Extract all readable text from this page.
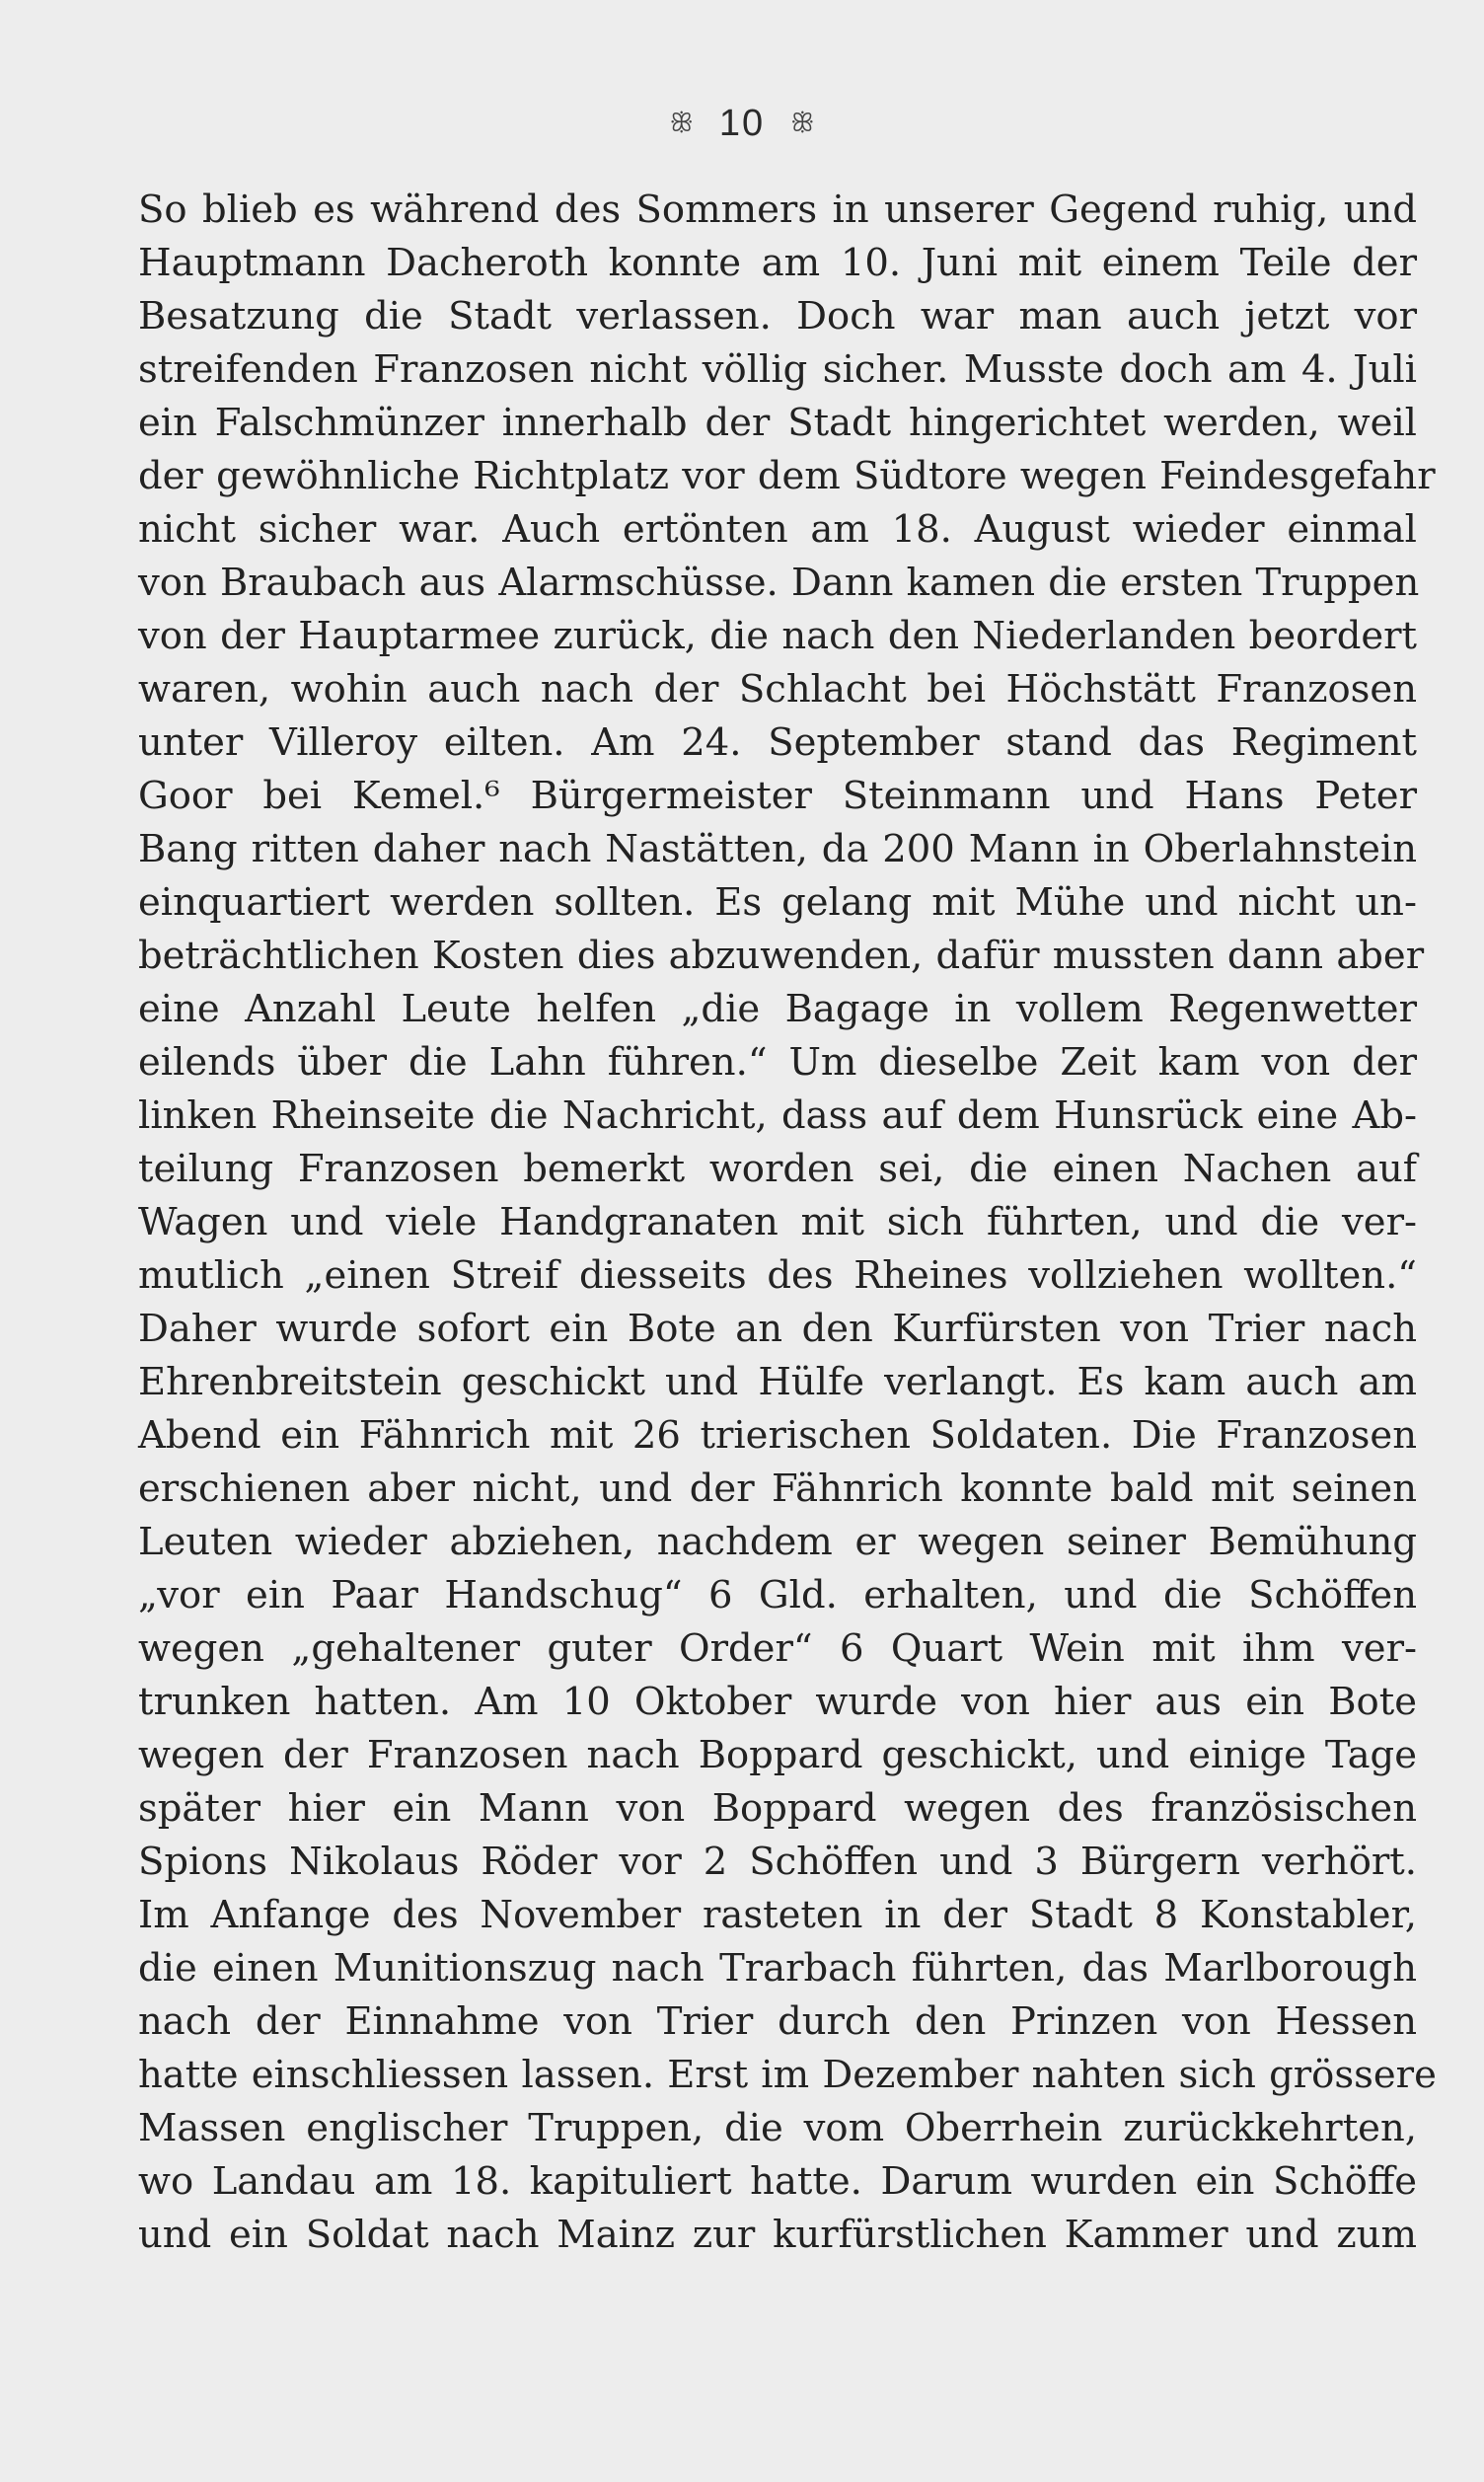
ꕥ 10 ꕥ
So blieb es während des Sommers in unserer Gegend ruhig, und
Hauptmann Dacheroth konnte am 10. Juni mit einem Teile der
Besatzung die Stadt verlassen. Doch war man auch jetzt vor
streifenden Franzosen nicht völlig sicher. Musste doch am 4. Juli
ein Falschmünzer innerhalb der Stadt hingerichtet werden, weil
der gewöhnliche Richtplatz vor dem Südtore wegen Feindesgefahr
nicht sicher war. Auch ertönten am 18. August wieder einmal
von Braubach aus Alarmschüsse. Dann kamen die ersten Truppen
von der Hauptarmee zurück, die nach den Niederlanden beordert
waren, wohin auch nach der Schlacht bei Höchstätt Franzosen
unter Villeroy eilten. Am 24. September stand das Regiment
Goor bei Kemel.⁶ Bürgermeister Steinmann und Hans Peter
Bang ritten daher nach Nastätten, da 200 Mann in Oberlahnstein
einquartiert werden sollten. Es gelang mit Mühe und nicht un-
beträchtlichen Kosten dies abzuwenden, dafür mussten dann aber
eine Anzahl Leute helfen „die Bagage in vollem Regenwetter
eilends über die Lahn führen.“ Um dieselbe Zeit kam von der
linken Rheinseite die Nachricht, dass auf dem Hunsrück eine Ab-
teilung Franzosen bemerkt worden sei, die einen Nachen auf
Wagen und viele Handgranaten mit sich führten, und die ver-
mutlich „einen Streif diesseits des Rheines vollziehen wollten.“
Daher wurde sofort ein Bote an den Kurfürsten von Trier nach
Ehrenbreitstein geschickt und Hülfe verlangt. Es kam auch am
Abend ein Fähnrich mit 26 trierischen Soldaten. Die Franzosen
erschienen aber nicht, und der Fähnrich konnte bald mit seinen
Leuten wieder abziehen, nachdem er wegen seiner Bemühung
„vor ein Paar Handschug“ 6 Gld. erhalten, und die Schöffen
wegen „gehaltener guter Order“ 6 Quart Wein mit ihm ver-
trunken hatten. Am 10 Oktober wurde von hier aus ein Bote
wegen der Franzosen nach Boppard geschickt, und einige Tage
später hier ein Mann von Boppard wegen des französischen
Spions Nikolaus Röder vor 2 Schöffen und 3 Bürgern verhört.
Im Anfange des November rasteten in der Stadt 8 Konstabler,
die einen Munitionszug nach Trarbach führten, das Marlborough
nach der Einnahme von Trier durch den Prinzen von Hessen
hatte einschliessen lassen. Erst im Dezember nahten sich grössere
Massen englischer Truppen, die vom Oberrhein zurückkehrten,
wo Landau am 18. kapituliert hatte. Darum wurden ein Schöffe
und ein Soldat nach Mainz zur kurfürstlichen Kammer und zum
